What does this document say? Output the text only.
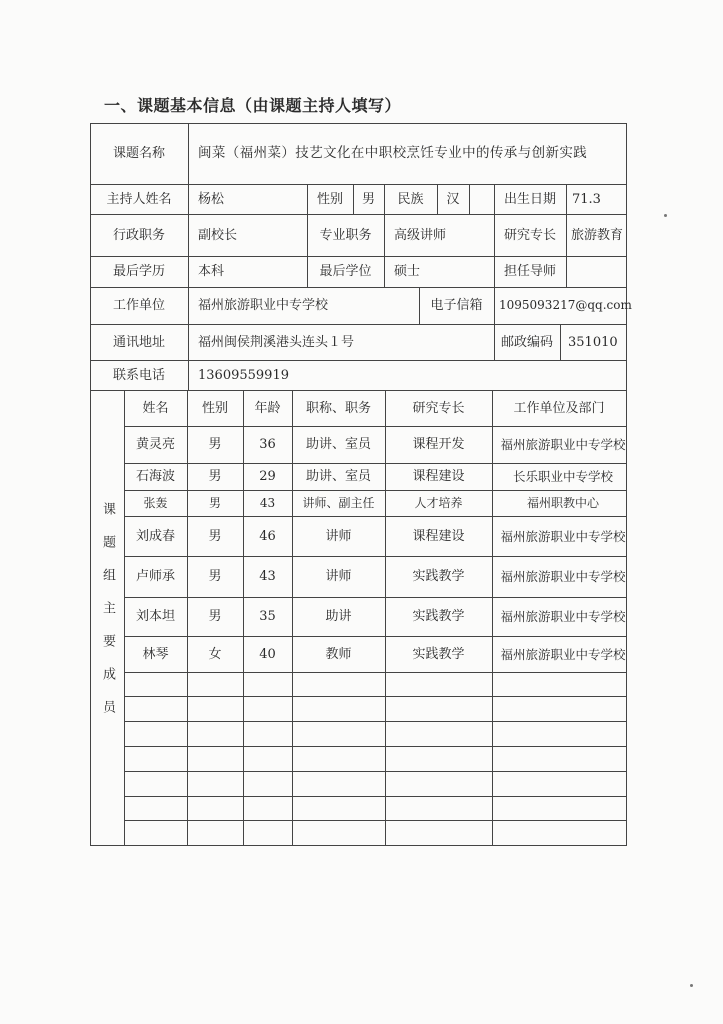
一、课题基本信息（由课题主持人填写）
课题组主要成员
课题名称	闽菜（福州菜）技艺文化在中职校烹饪专业中的传承与创新实践
主持人姓名	杨松	性别	男	民族	汉	出生日期	71.3
行政职务	副校长	专业职务	高级讲师	研究专长	旅游教育
最后学历	本科	最后学位	硕士	担任导师
工作单位	福州旅游职业中专学校	电子信箱	1095093217@qq.com
通讯地址	福州闽侯荆溪港头连头１号	邮政编码	351010
联系电话	13609559919
姓名	性别	年龄	职称、职务	研究专长	工作单位及部门
黄灵亮	男	36	助讲、室员	课程开发	福州旅游职业中专学校
石海波	男	29	助讲、室员	课程建设	长乐职业中专学校
张轰	男	43	讲师、副主任	人才培养	福州职教中心
刘成春	男	46	讲师	课程建设	福州旅游职业中专学校
卢师承	男	43	讲师	实践教学	福州旅游职业中专学校
刘本坦	男	35	助讲	实践教学	福州旅游职业中专学校
林琴	女	40	教师	实践教学	福州旅游职业中专学校
